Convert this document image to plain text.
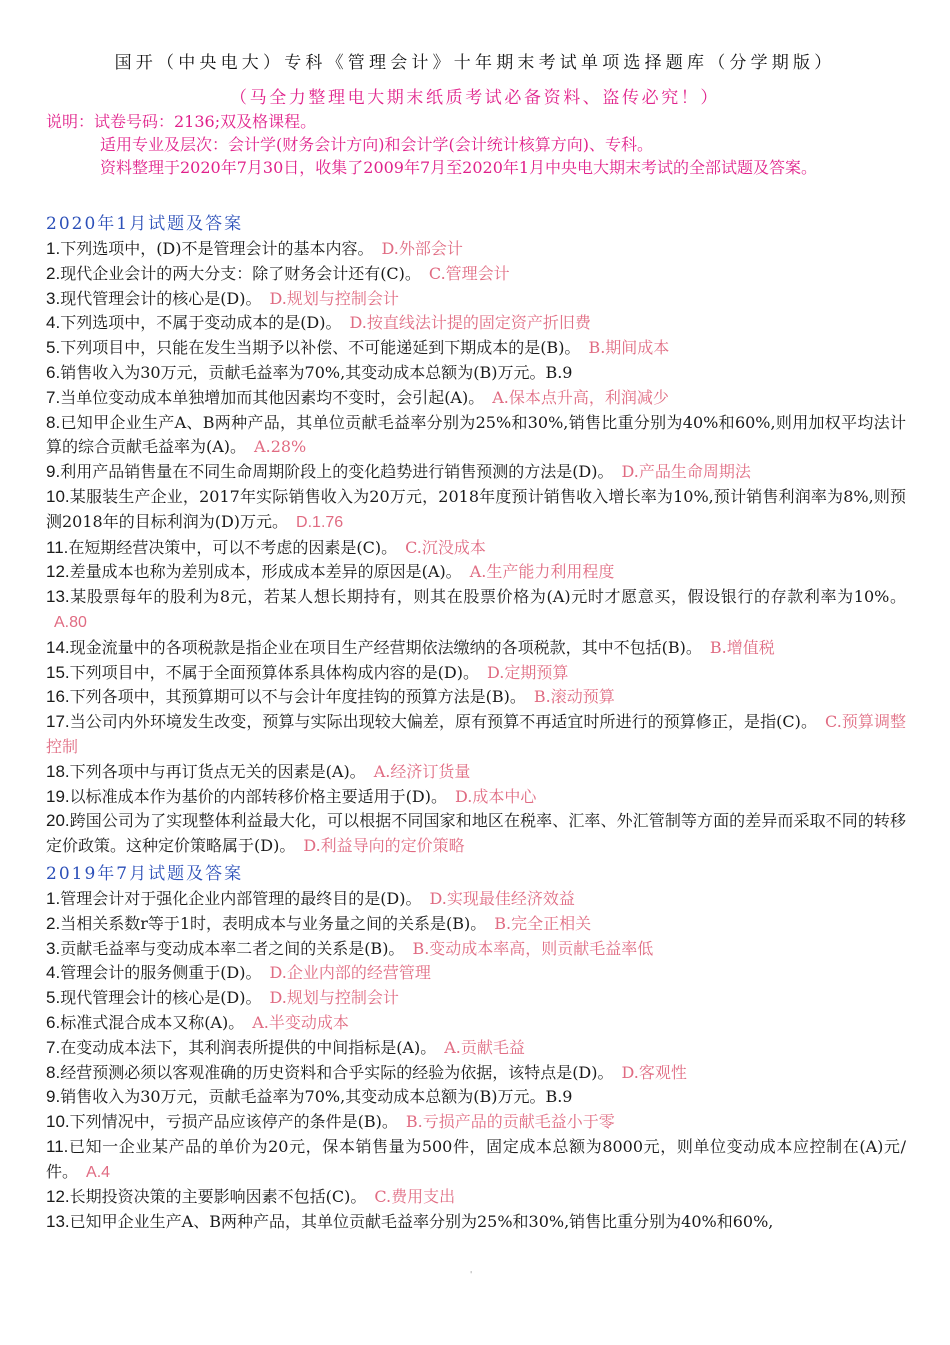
国开（中央电大）专科《管理会计》十年期末考试单项选择题库（分学期版）
（马全力整理电大期末纸质考试必备资料、盗传必究！）
说明：试卷号码：2136;双及格课程。
适用专业及层次：会计学(财务会计方向)和会计学(会计统计核算方向)、专科。
资料整理于2020年7月30日，收集了2009年7月至2020年1月中央电大期末考试的全部试题及答案。
2020年1月试题及答案
1.下列选项中，(D)不是管理会计的基本内容。 D.外部会计
2.现代企业会计的两大分支：除了财务会计还有(C)。 C.管理会计
3.现代管理会计的核心是(D)。 D.规划与控制会计
4.下列选项中，不属于变动成本的是(D)。 D.按直线法计提的固定资产折旧费
5.下列项目中，只能在发生当期予以补偿、不可能递延到下期成本的是(B)。 B.期间成本
6.销售收入为30万元，贡献毛益率为70%,其变动成本总额为(B)万元。B.9
7.当单位变动成本单独增加而其他因素均不变时，会引起(A)。 A.保本点升高，利润减少
8.已知甲企业生产A、B两种产品，其单位贡献毛益率分别为25%和30%,销售比重分别为40%和60%,则用加权平均法计算的综合贡献毛益率为(A)。 A.28%
9.利用产品销售量在不同生命周期阶段上的变化趋势进行销售预测的方法是(D)。 D.产品生命周期法
10.某服装生产企业，2017年实际销售收入为20万元，2018年度预计销售收入增长率为10%,预计销售利润率为8%,则预测2018年的目标利润为(D)万元。 D.1.76
11.在短期经营决策中，可以不考虑的因素是(C)。 C.沉没成本
12.差量成本也称为差别成本，形成成本差异的原因是(A)。 A.生产能力利用程度
13.某股票每年的股利为8元，若某人想长期持有，则其在股票价格为(A)元时才愿意买，假设银行的存款利率为10%。A.80
14.现金流量中的各项税款是指企业在项目生产经营期依法缴纳的各项税款，其中不包括(B)。 B.增值税
15.下列项目中，不属于全面预算体系具体构成内容的是(D)。 D.定期预算
16.下列各项中，其预算期可以不与会计年度挂钩的预算方法是(B)。 B.滚动预算
17.当公司内外环境发生改变，预算与实际出现较大偏差，原有预算不再适宜时所进行的预算修正，是指(C)。 C.预算调整控制
18.下列各项中与再订货点无关的因素是(A)。 A.经济订货量
19.以标准成本作为基价的内部转移价格主要适用于(D)。 D.成本中心
20.跨国公司为了实现整体利益最大化，可以根据不同国家和地区在税率、汇率、外汇管制等方面的差异而采取不同的转移定价政策。这种定价策略属于(D)。 D.利益导向的定价策略
2019年7月试题及答案
1.管理会计对于强化企业内部管理的最终目的是(D)。 D.实现最佳经济效益
2.当相关系数r等于1时，表明成本与业务量之间的关系是(B)。 B.完全正相关
3.贡献毛益率与变动成本率二者之间的关系是(B)。 B.变动成本率高，则贡献毛益率低
4.管理会计的服务侧重于(D)。 D.企业内部的经营管理
5.现代管理会计的核心是(D)。 D.规划与控制会计
6.标准式混合成本又称(A)。 A.半变动成本
7.在变动成本法下，其利润表所提供的中间指标是(A)。 A.贡献毛益
8.经营预测必须以客观准确的历史资料和合乎实际的经验为依据，该特点是(D)。 D.客观性
9.销售收入为30万元，贡献毛益率为70%,其变动成本总额为(B)万元。B.9
10.下列情况中，亏损产品应该停产的条件是(B)。 B.亏损产品的贡献毛益小于零
11.已知一企业某产品的单价为20元，保本销售量为500件，固定成本总额为8000元，则单位变动成本应控制在(A)元/件。 A.4
12.长期投资决策的主要影响因素不包括(C)。 C.费用支出
13.已知甲企业生产A、B两种产品，其单位贡献毛益率分别为25%和30%,销售比重分别为40%和60%,
'
